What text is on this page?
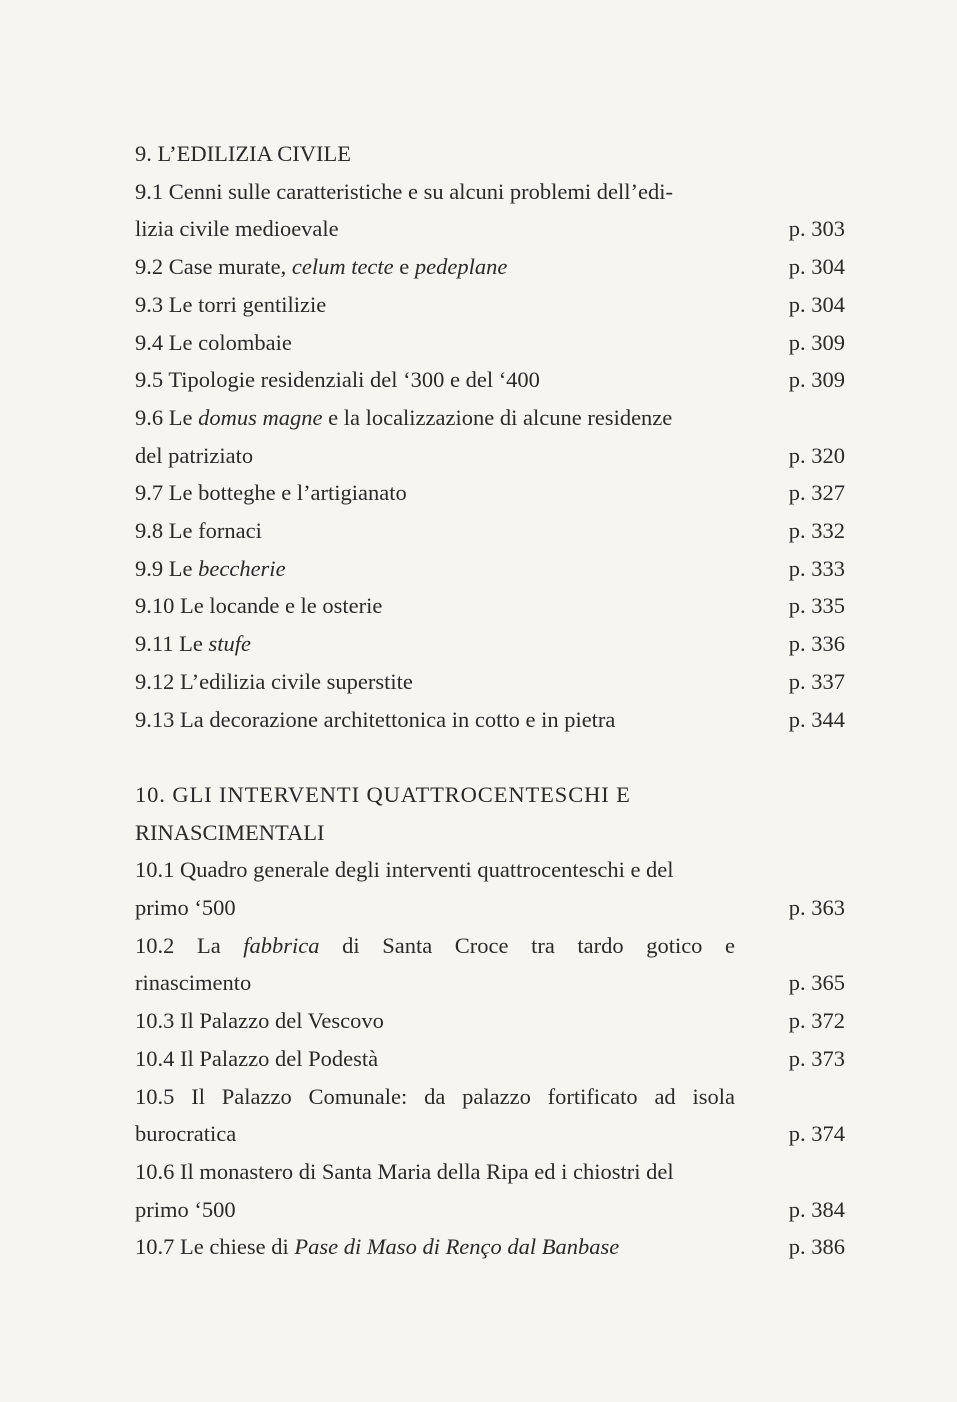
9. L’EDILIZIA CIVILE
9.1 Cenni sulle caratteristiche e su alcuni problemi dell’edi-
lizia civile medioevale	p. 303
9.2 Case murate, celum tecte e pedeplane	p. 304
9.3 Le torri gentilizie	p. 304
9.4 Le colombaie	p. 309
9.5 Tipologie residenziali del ‘300 e del ‘400	p. 309
9.6 Le domus magne e la localizzazione di alcune residenze
del patriziato	p. 320
9.7 Le botteghe e l’artigianato	p. 327
9.8 Le fornaci	p. 332
9.9 Le beccherie	p. 333
9.10 Le locande e le osterie	p. 335
9.11 Le stufe	p. 336
9.12 L’edilizia civile superstite	p. 337
9.13 La decorazione architettonica in cotto e in pietra	p. 344
10. GLI INTERVENTI QUATTROCENTESCHI E
RINASCIMENTALI
10.1 Quadro generale degli interventi quattrocenteschi e del
primo ‘500	p. 363
10.2 La fabbrica di Santa Croce tra tardo gotico e
rinascimento	p. 365
10.3 Il Palazzo del Vescovo	p. 372
10.4 Il Palazzo del Podestà	p. 373
10.5 Il Palazzo Comunale: da palazzo fortificato ad isola
burocratica	p. 374
10.6 Il monastero di Santa Maria della Ripa ed i chiostri del
primo ‘500	p. 384
10.7 Le chiese di Pase di Maso di Renço dal Banbase	p. 386
